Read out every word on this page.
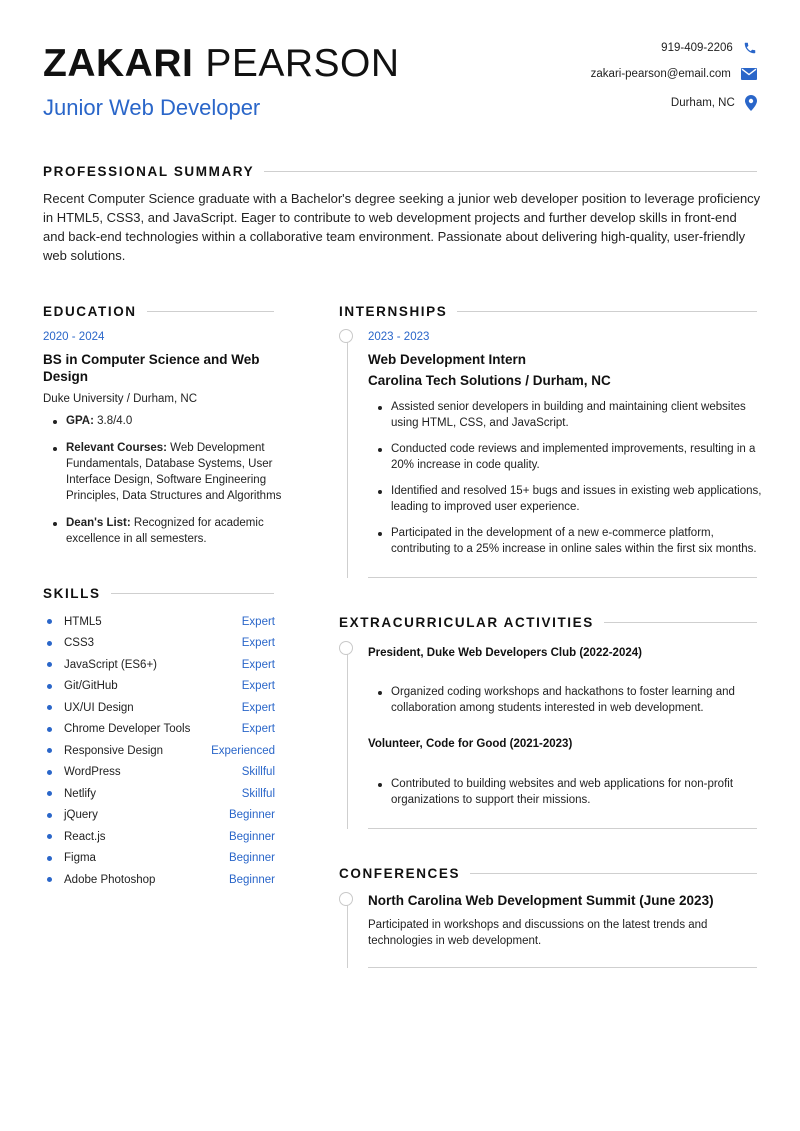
ZAKARI PEARSON
Junior Web Developer
919-409-2206
zakari-pearson@email.com
Durham, NC
PROFESSIONAL SUMMARY
Recent Computer Science graduate with a Bachelor's degree seeking a junior web developer position to leverage proficiency in HTML5, CSS3, and JavaScript. Eager to contribute to web development projects and further develop skills in front-end and back-end technologies within a collaborative team environment. Passionate about delivering high-quality, user-friendly web solutions.
EDUCATION
2020 - 2024
BS in Computer Science and Web Design
Duke University / Durham, NC
GPA: 3.8/4.0
Relevant Courses: Web Development Fundamentals, Database Systems, User Interface Design, Software Engineering Principles, Data Structures and Algorithms
Dean's List: Recognized for academic excellence in all semesters.
SKILLS
HTML5	Expert
CSS3	Expert
JavaScript (ES6+)	Expert
Git/GitHub	Expert
UX/UI Design	Expert
Chrome Developer Tools	Expert
Responsive Design	Experienced
WordPress	Skillful
Netlify	Skillful
jQuery	Beginner
React.js	Beginner
Figma	Beginner
Adobe Photoshop	Beginner
INTERNSHIPS
2023 - 2023
Web Development Intern
Carolina Tech Solutions / Durham, NC
Assisted senior developers in building and maintaining client websites using HTML, CSS, and JavaScript.
Conducted code reviews and implemented improvements, resulting in a 20% increase in code quality.
Identified and resolved 15+ bugs and issues in existing web applications, leading to improved user experience.
Participated in the development of a new e-commerce platform, contributing to a 25% increase in online sales within the first six months.
EXTRACURRICULAR ACTIVITIES
President, Duke Web Developers Club (2022-2024)
Organized coding workshops and hackathons to foster learning and collaboration among students interested in web development.
Volunteer, Code for Good (2021-2023)
Contributed to building websites and web applications for non-profit organizations to support their missions.
CONFERENCES
North Carolina Web Development Summit (June 2023)
Participated in workshops and discussions on the latest trends and technologies in web development.
